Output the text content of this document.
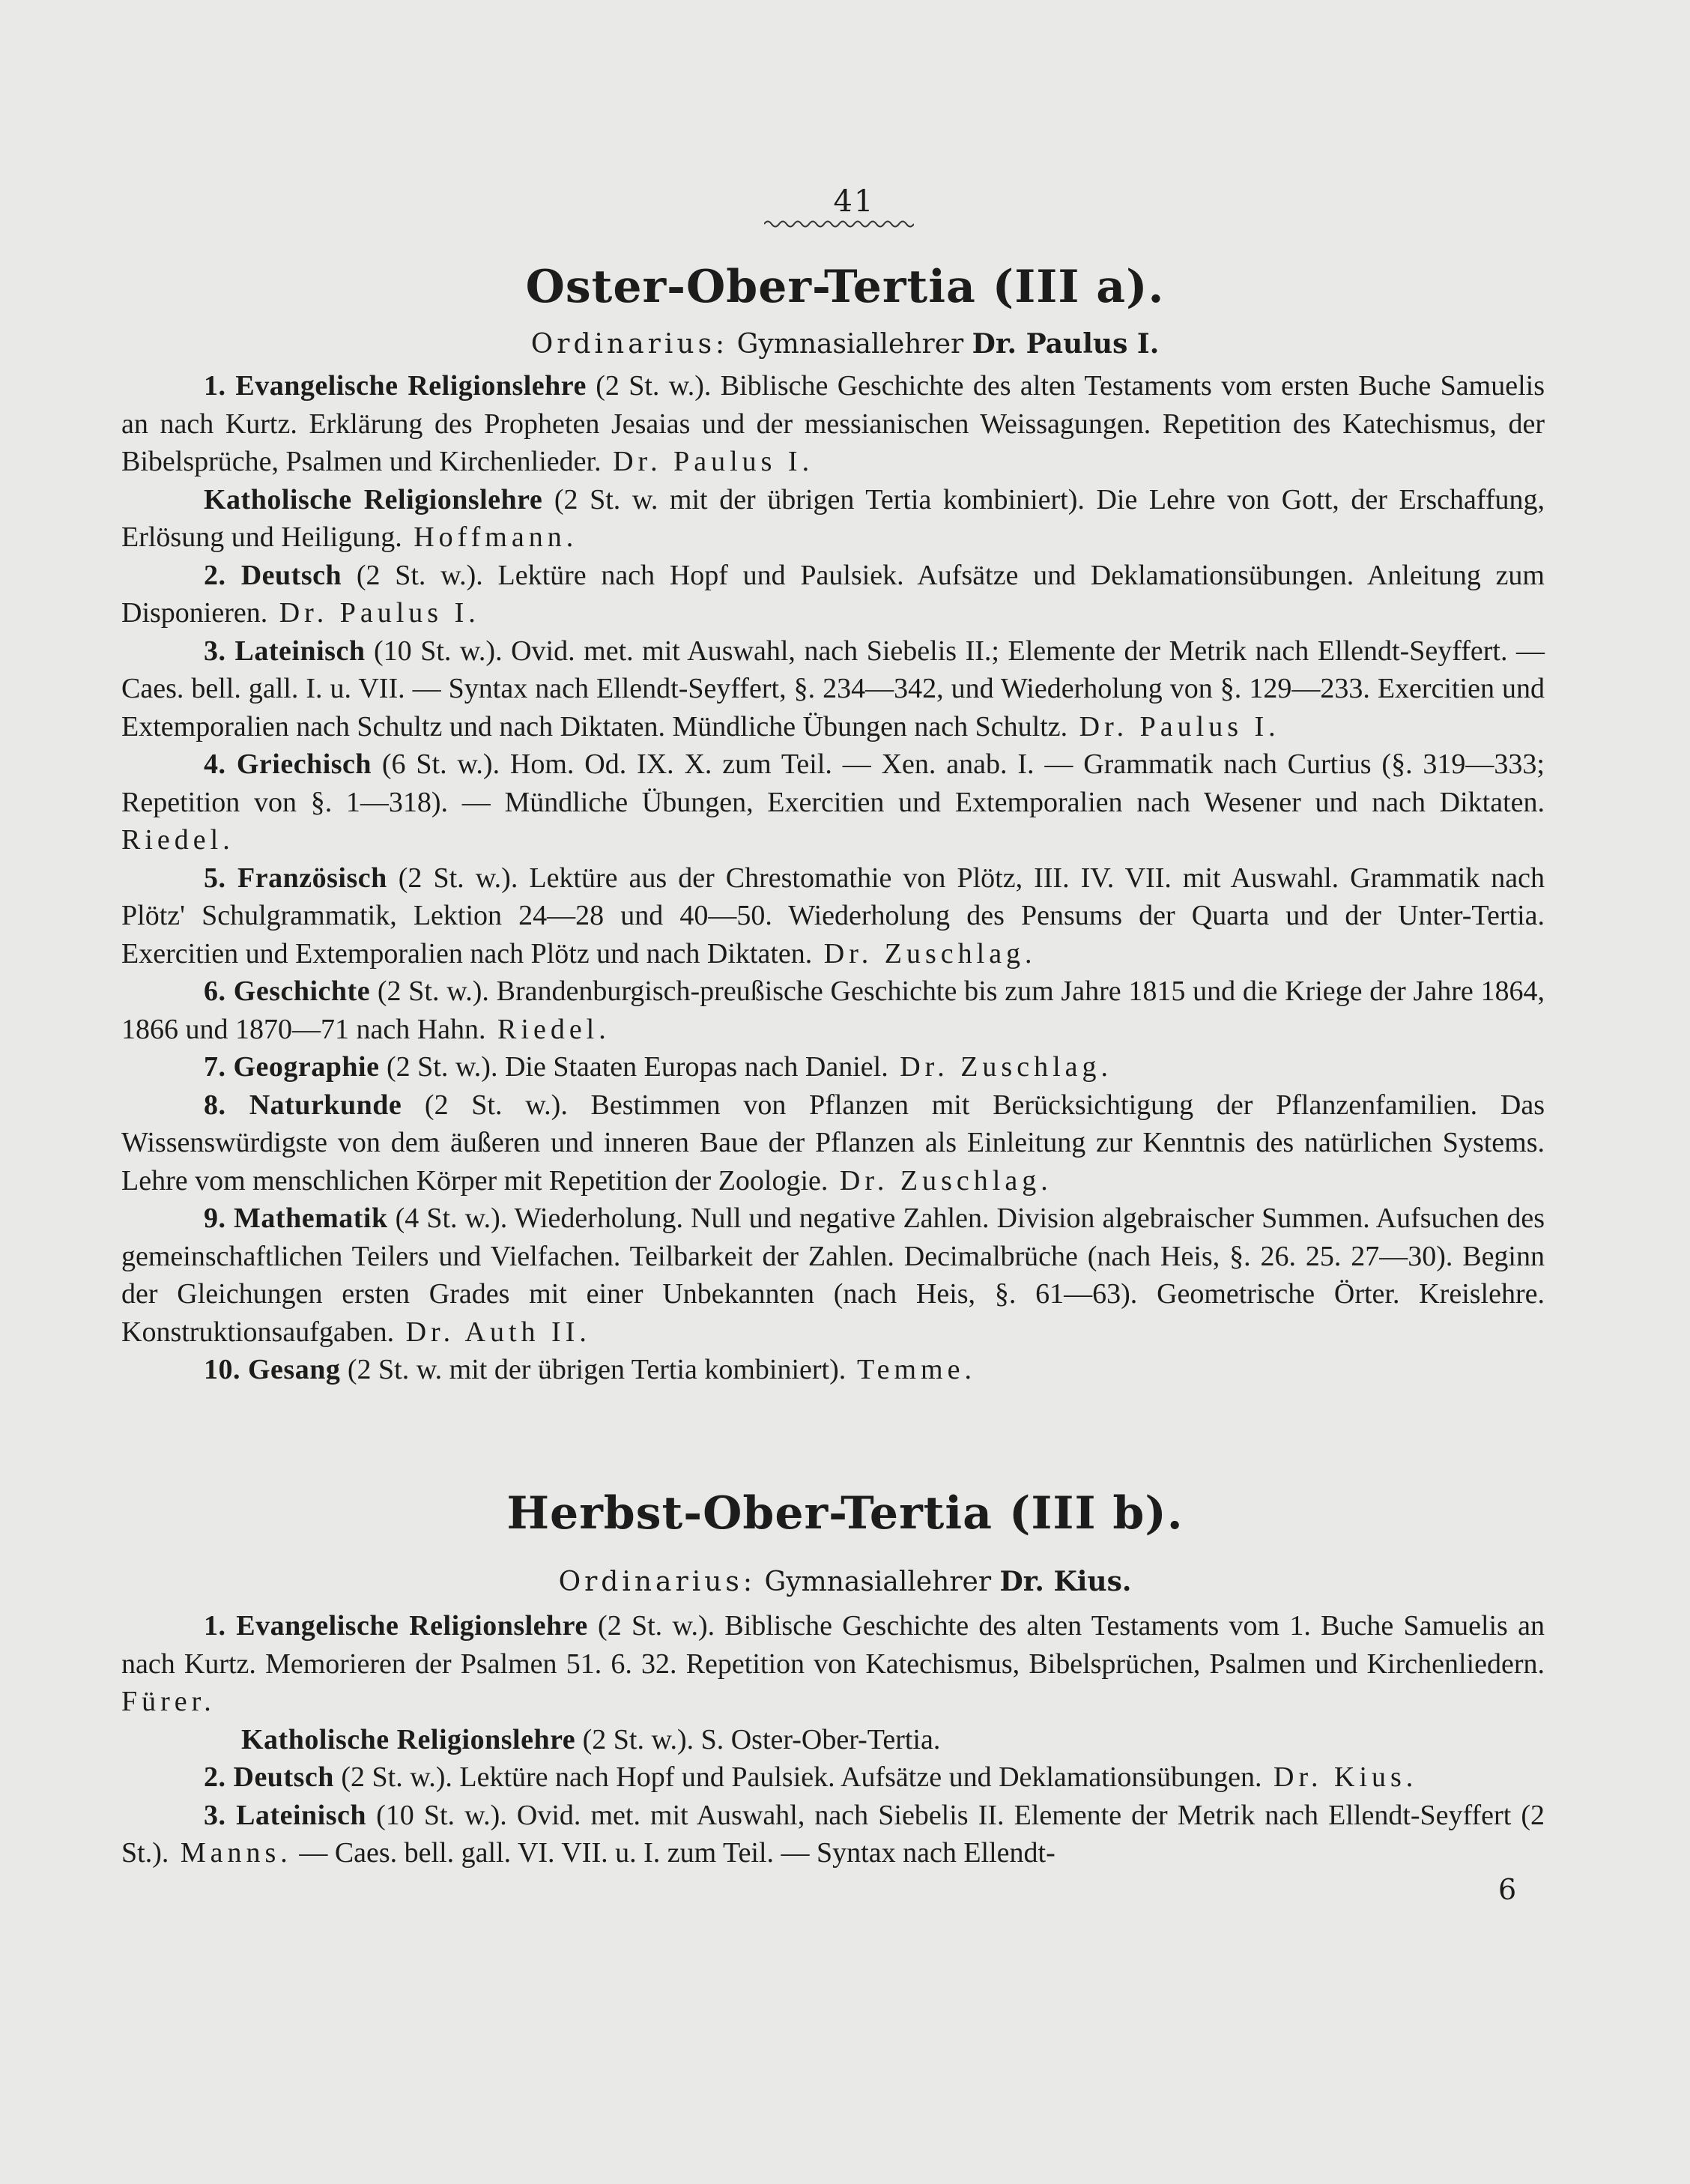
41
Oster-Ober-Tertia (III a).
Ordinarius: Gymnasiallehrer Dr. Paulus I.

1. Evangelische Religionslehre (2 St. w.). Biblische Geschichte des alten Testaments vom ersten Buche Samuelis an nach Kurtz. Erklärung des Propheten Jesaias und der messianischen Weissagungen. Repetition des Katechismus, der Bibelsprüche, Psalmen und Kirchenlieder. Dr. Paulus I.

Katholische Religionslehre (2 St. w. mit der übrigen Tertia kombiniert). Die Lehre von Gott, der Erschaffung, Erlösung und Heiligung. Hoffmann.

2. Deutsch (2 St. w.). Lektüre nach Hopf und Paulsiek. Aufsätze und Deklamationsübungen. Anleitung zum Disponieren. Dr. Paulus I.

3. Lateinisch (10 St. w.). Ovid. met. mit Auswahl, nach Siebelis II.; Elemente der Metrik nach Ellendt-Seyffert. — Caes. bell. gall. I. u. VII. — Syntax nach Ellendt-Seyffert, §. 234—342, und Wiederholung von §. 129—233. Exercitien und Extemporalien nach Schultz und nach Diktaten. Mündliche Übungen nach Schultz. Dr. Paulus I.

4. Griechisch (6 St. w.). Hom. Od. IX. X. zum Teil. — Xen. anab. I. — Grammatik nach Curtius (§. 319—333; Repetition von §. 1—318). — Mündliche Übungen, Exercitien und Extemporalien nach Wesener und nach Diktaten. Riedel.

5. Französisch (2 St. w.). Lektüre aus der Chrestomathie von Plötz, III. IV. VII. mit Auswahl. Grammatik nach Plötz' Schulgrammatik, Lektion 24—28 und 40—50. Wiederholung des Pensums der Quarta und der Unter-Tertia. Exercitien und Extemporalien nach Plötz und nach Diktaten. Dr. Zuschlag.

6. Geschichte (2 St. w.). Brandenburgisch-preußische Geschichte bis zum Jahre 1815 und die Kriege der Jahre 1864, 1866 und 1870—71 nach Hahn. Riedel.

7. Geographie (2 St. w.). Die Staaten Europas nach Daniel. Dr. Zuschlag.

8. Naturkunde (2 St. w.). Bestimmen von Pflanzen mit Berücksichtigung der Pflanzenfamilien. Das Wissenswürdigste von dem äußeren und inneren Baue der Pflanzen als Einleitung zur Kenntnis des natürlichen Systems. Lehre vom menschlichen Körper mit Repetition der Zoologie. Dr. Zuschlag.

9. Mathematik (4 St. w.). Wiederholung. Null und negative Zahlen. Division algebraischer Summen. Aufsuchen des gemeinschaftlichen Teilers und Vielfachen. Teilbarkeit der Zahlen. Decimalbrüche (nach Heis, §. 26. 25. 27—30). Beginn der Gleichungen ersten Grades mit einer Unbekannten (nach Heis, §. 61—63). Geometrische Örter. Kreislehre. Konstruktionsaufgaben. Dr. Auth II.

10. Gesang (2 St. w. mit der übrigen Tertia kombiniert). Temme.

Herbst-Ober-Tertia (III b).
Ordinarius: Gymnasiallehrer Dr. Kius.

1. Evangelische Religionslehre (2 St. w.). Biblische Geschichte des alten Testaments vom 1. Buche Samuelis an nach Kurtz. Memorieren der Psalmen 51. 6. 32. Repetition von Katechismus, Bibelsprüchen, Psalmen und Kirchenliedern. Fürer.

Katholische Religionslehre (2 St. w.). S. Oster-Ober-Tertia.

2. Deutsch (2 St. w.). Lektüre nach Hopf und Paulsiek. Aufsätze und Deklamationsübungen. Dr. Kius.

3. Lateinisch (10 St. w.). Ovid. met. mit Auswahl, nach Siebelis II. Elemente der Metrik nach Ellendt-Seyffert (2 St.). Manns. — Caes. bell. gall. VI. VII. u. I. zum Teil. — Syntax nach Ellendt-

6
